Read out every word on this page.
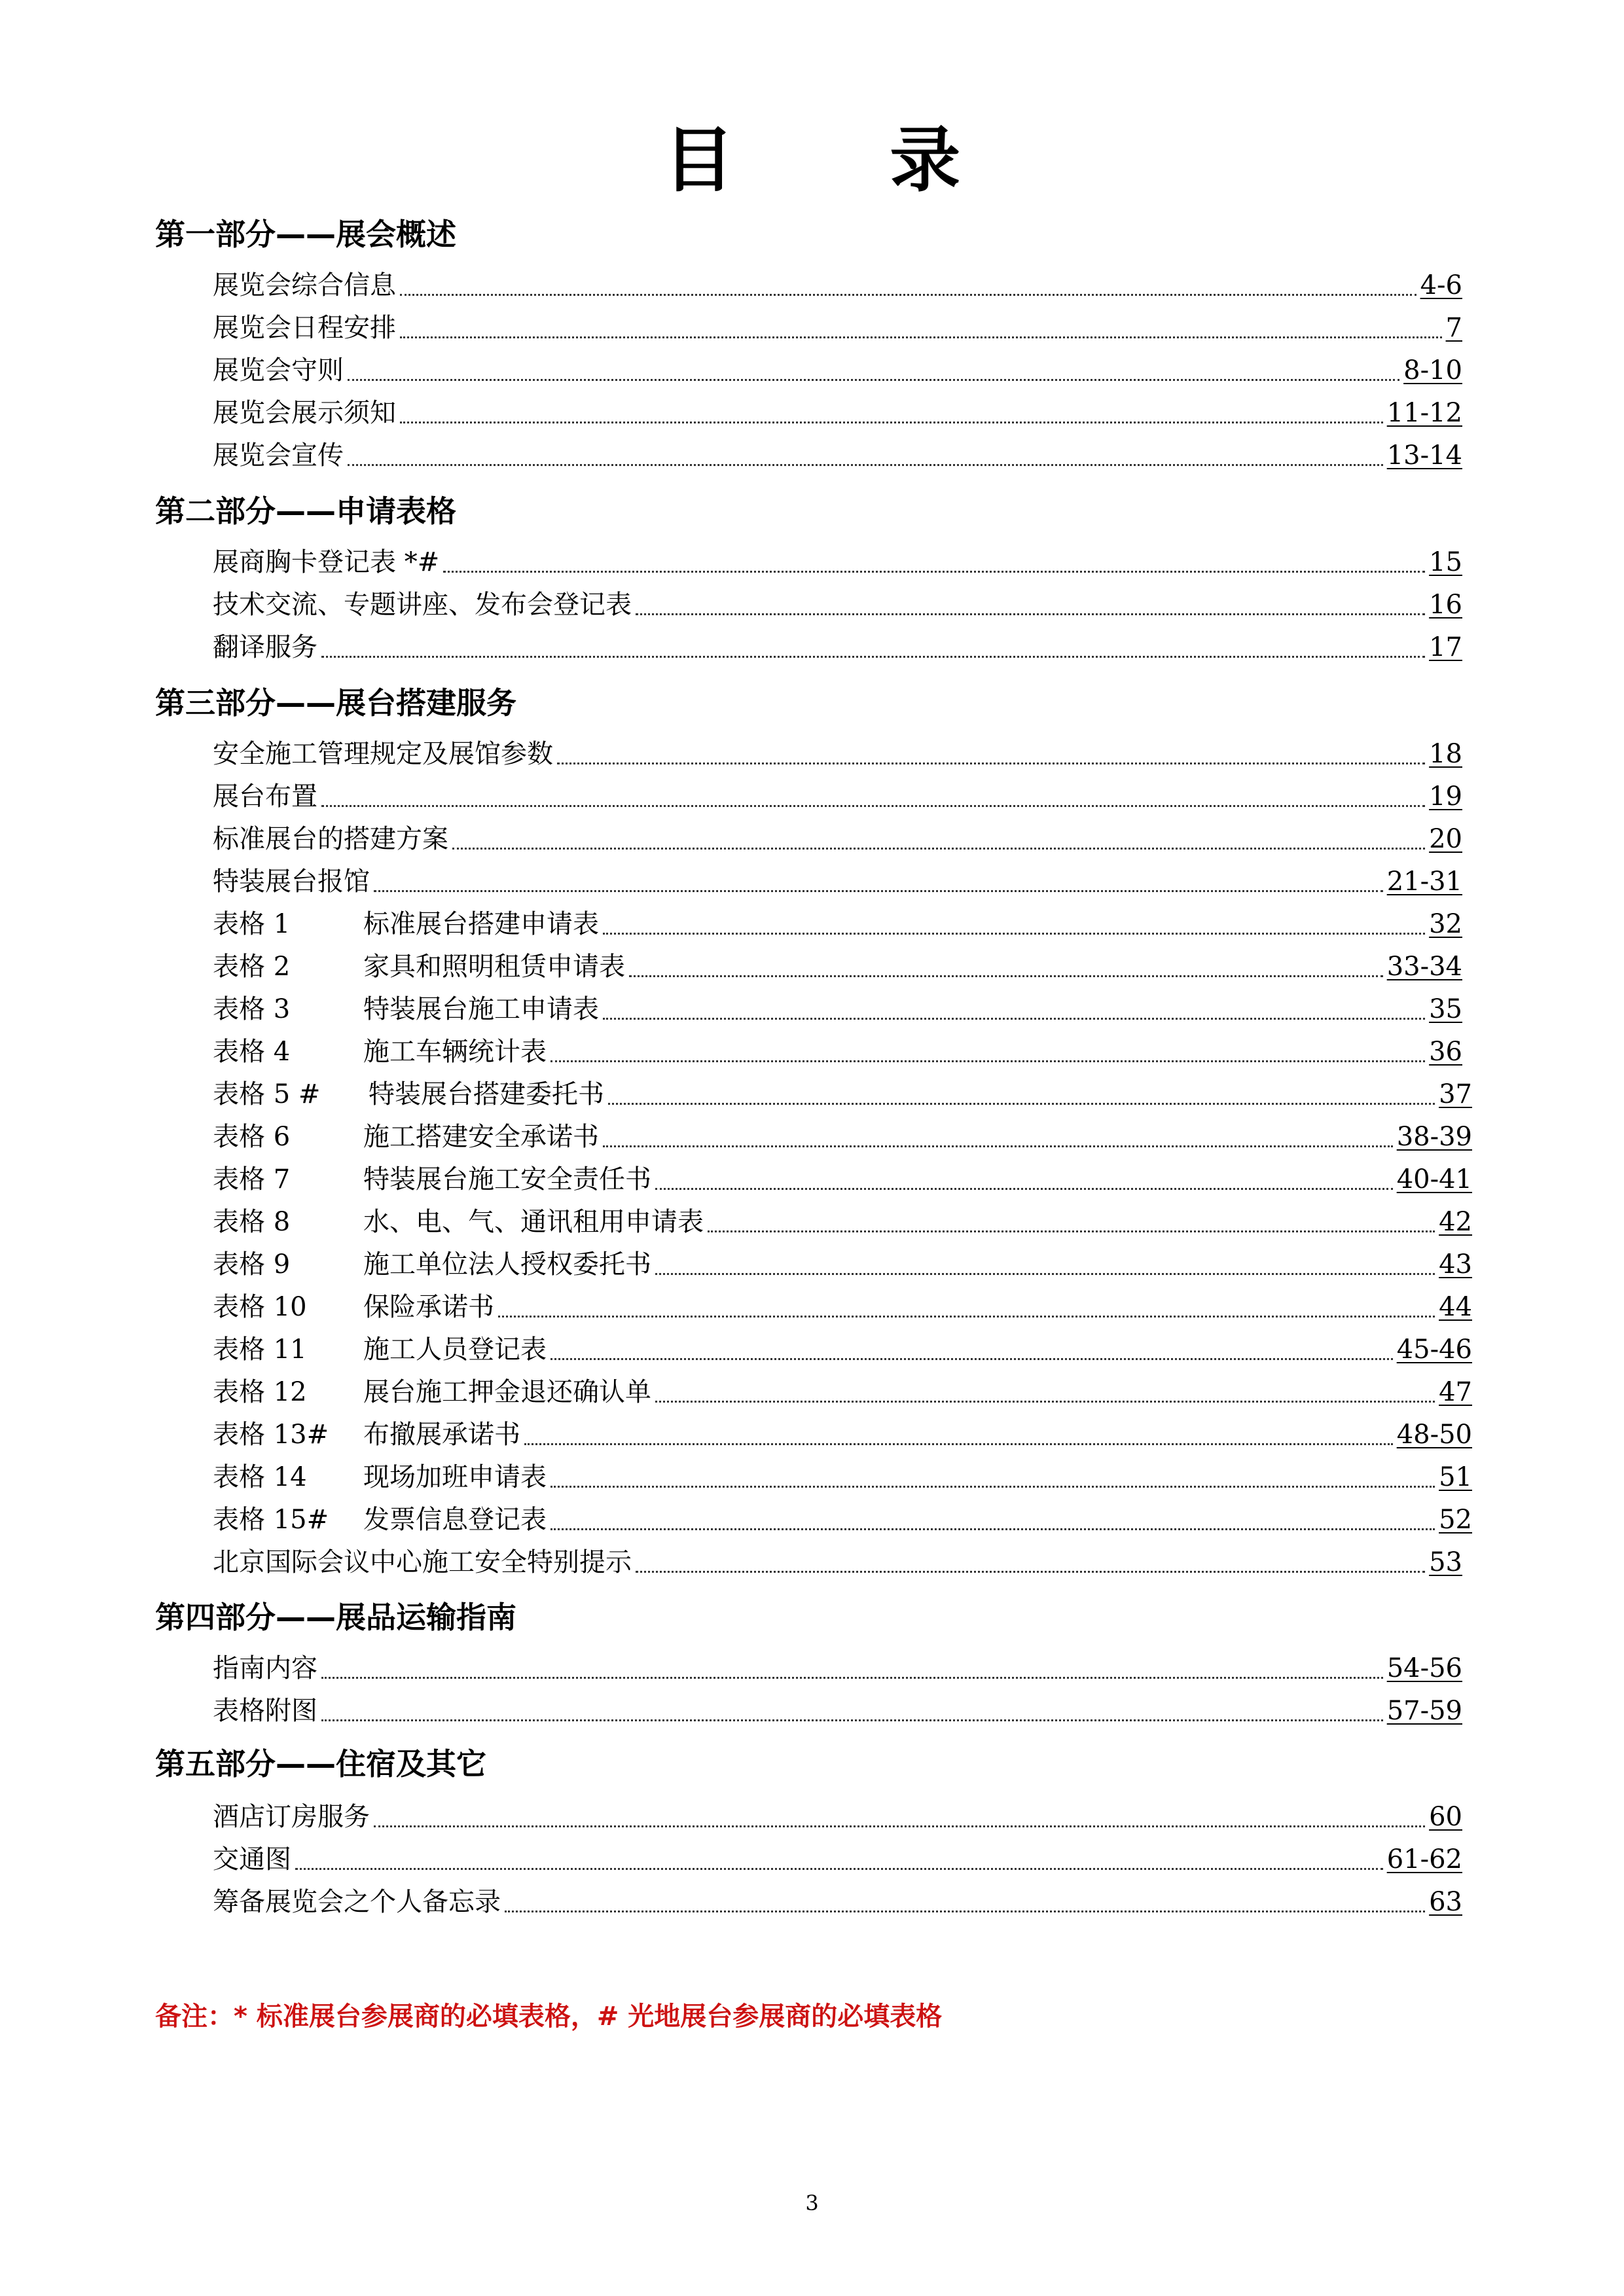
目 录
第一部分——展会概述
展览会综合信息	4-6
展览会日程安排	7
展览会守则	8-10
展览会展示须知	11-12
展览会宣传	13-14
第二部分——申请表格
展商胸卡登记表 *#	15
技术交流、专题讲座、发布会登记表	16
翻译服务	17
第三部分——展台搭建服务
安全施工管理规定及展馆参数	18
展台布置	19
标准展台的搭建方案	20
特装展台报馆	21-31
表格 1	标准展台搭建申请表	32
表格 2	家具和照明租赁申请表	33-34
表格 3	特装展台施工申请表	35
表格 4	施工车辆统计表	36
表格 5 #	特装展台搭建委托书	37
表格 6	施工搭建安全承诺书	38-39
表格 7	特装展台施工安全责任书	40-41
表格 8	水、电、气、通讯租用申请表	42
表格 9	施工单位法人授权委托书	43
表格 10	保险承诺书	44
表格 11	施工人员登记表	45-46
表格 12	展台施工押金退还确认单	47
表格 13#	布撤展承诺书	48-50
表格 14	现场加班申请表	51
表格 15#	发票信息登记表	52
北京国际会议中心施工安全特别提示	53
第四部分——展品运输指南
指南内容	54-56
表格附图	57-59
第五部分——住宿及其它
酒店订房服务	60
交通图	61-62
筹备展览会之个人备忘录	63
备注：* 标准展台参展商的必填表格，# 光地展台参展商的必填表格
3
